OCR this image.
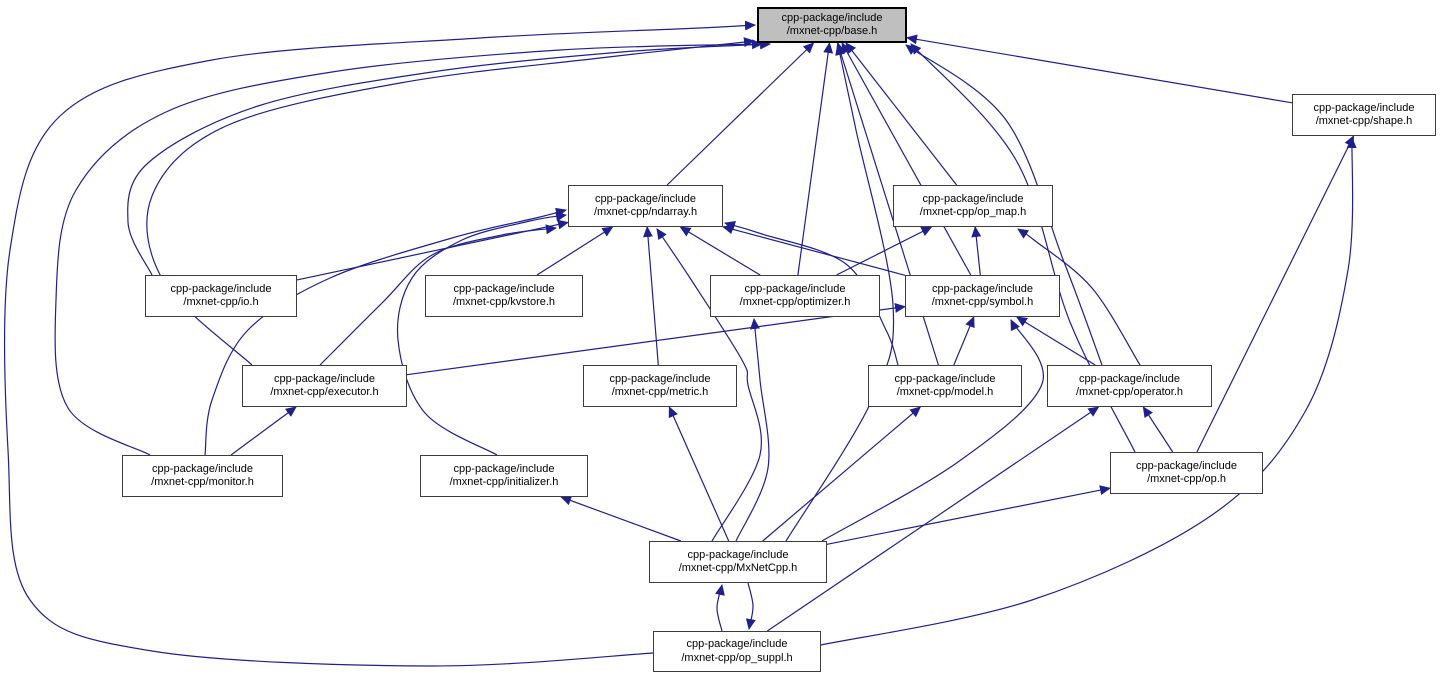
cpp-package/include
/mxnet-cpp/base.h
cpp-package/include
/mxnet-cpp/shape.h
cpp-package/include
/mxnet-cpp/ndarray.h
cpp-package/include
/mxnet-cpp/op_map.h
cpp-package/include
/mxnet-cpp/io.h
cpp-package/include
/mxnet-cpp/kvstore.h
cpp-package/include
/mxnet-cpp/optimizer.h
cpp-package/include
/mxnet-cpp/symbol.h
cpp-package/include
/mxnet-cpp/executor.h
cpp-package/include
/mxnet-cpp/metric.h
cpp-package/include
/mxnet-cpp/model.h
cpp-package/include
/mxnet-cpp/operator.h
cpp-package/include
/mxnet-cpp/monitor.h
cpp-package/include
/mxnet-cpp/initializer.h
cpp-package/include
/mxnet-cpp/op.h
cpp-package/include
/mxnet-cpp/MxNetCpp.h
cpp-package/include
/mxnet-cpp/op_suppl.h
